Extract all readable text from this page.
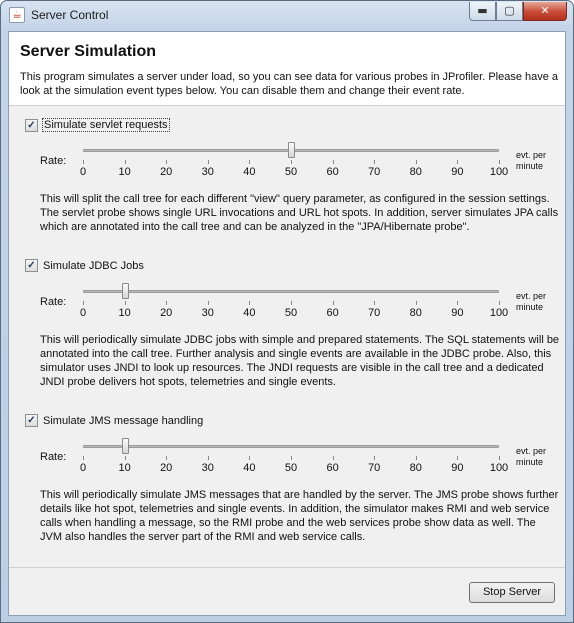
☕ Server Control	▬	▢	✕
Server Simulation
This program simulates a server under load, so you can see data for various probes in JProfiler. Please have a look at the simulation event types below. You can disable them and change their event rate.
✓ Simulate servlet requests
Rate:
0	10	20	30	40	50	60	70	80	90 100
evt. per minute
This will split the call tree for each different "view" query parameter, as configured in the session settings. The servlet probe shows single URL invocations and URL hot spots. In addition, server simulates JPA calls which are annotated into the call tree and can be analyzed in the "JPA/Hibernate probe".
✓ Simulate JDBC Jobs
Rate:
0	10	20	30	40	50	60	70	80	90 100
evt. per minute
This will periodically simulate JDBC jobs with simple and prepared statements. The SQL statements will be annotated into the call tree. Further analysis and single events are available in the JDBC probe. Also, this simulator uses JNDI to look up resources. The JNDI requests are visible in the call tree and a dedicated JNDI probe delivers hot spots, telemetries and single events.
✓ Simulate JMS message handling
Rate:
0	10	20	30	40	50	60	70	80	90 100
evt. per minute
This will periodically simulate JMS messages that are handled by the server. The JMS probe shows further details like hot spot, telemetries and single events. In addition, the simulator makes RMI and web service calls when handling a message, so the RMI probe and the web services probe show data as well. The JVM also handles the server part of the RMI and web service calls.
Stop Server
